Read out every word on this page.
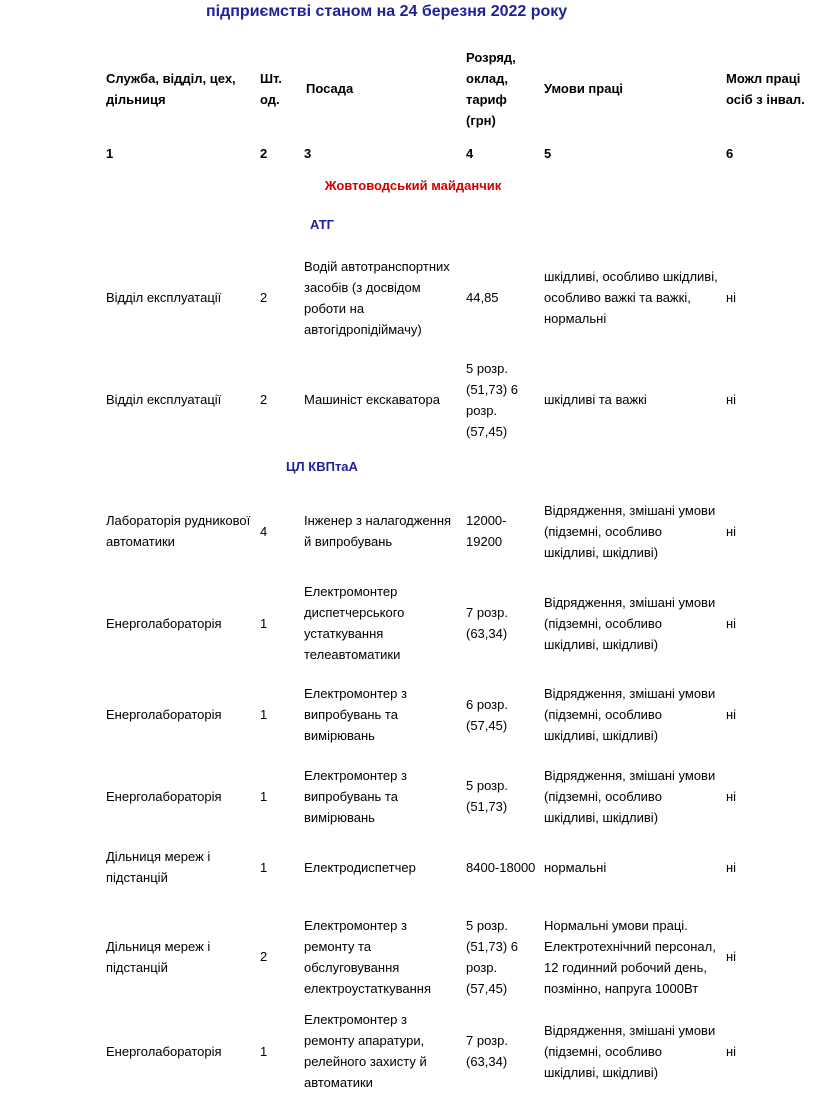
підприємстві станом на 24 березня 2022 року
Служба, відділ, цех, дільниця	Шт. од.	Посада	Розряд, оклад, тариф (грн)	Умови праці	Можл праці осіб з інвал.
1	2	3	4	5	6
Жовтоводський майданчик					
АТГ					
Відділ експлуатації	2	Водій автотранспортних засобів (з досвідом роботи на автогідропідіймачу)	44,85	шкідливі, особливо шкідливі, особливо важкі та важкі, нормальні	ні
Відділ експлуатації	2	Машиніст екскаватора	5 розр. (51,73) 6 розр. (57,45)	шкідливі та важкі	ні
ЦЛ КВПтаА					
Лабораторія рудникової автоматики	4	Інженер з налагодження й випробувань	12000-19200	Відрядження, змішані умови (підземні, особливо шкідливі, шкідливі)	ні
Енерголабораторія	1	Електромонтер диспетчерського устаткування телеавтоматики	7 розр. (63,34)	Відрядження, змішані умови (підземні, особливо шкідливі, шкідливі)	ні
Енерголабораторія	1	Електромонтер з випробувань та вимірювань	6 розр. (57,45)	Відрядження, змішані умови (підземні, особливо шкідливі, шкідливі)	ні
Енерголабораторія	1	Електромонтер з випробувань та вимірювань	5 розр. (51,73)	Відрядження, змішані умови (підземні, особливо шкідливі, шкідливі)	ні
Дільниця мереж і підстанцій	1	Електродиспетчер	8400-18000	нормальні	ні
Дільниця мереж і підстанцій	2	Електромонтер з ремонту та обслуговування електроустаткування	5 розр. (51,73) 6 розр. (57,45)	Нормальні умови праці. Електротехнічний персонал, 12 годинний робочий день, позмінно, напруга 1000Вт	ні
Енерголабораторія	1	Електромонтер з ремонту апаратури, релейного захисту й автоматики	7 розр. (63,34)	Відрядження, змішані умови (підземні, особливо шкідливі, шкідливі)	ні
